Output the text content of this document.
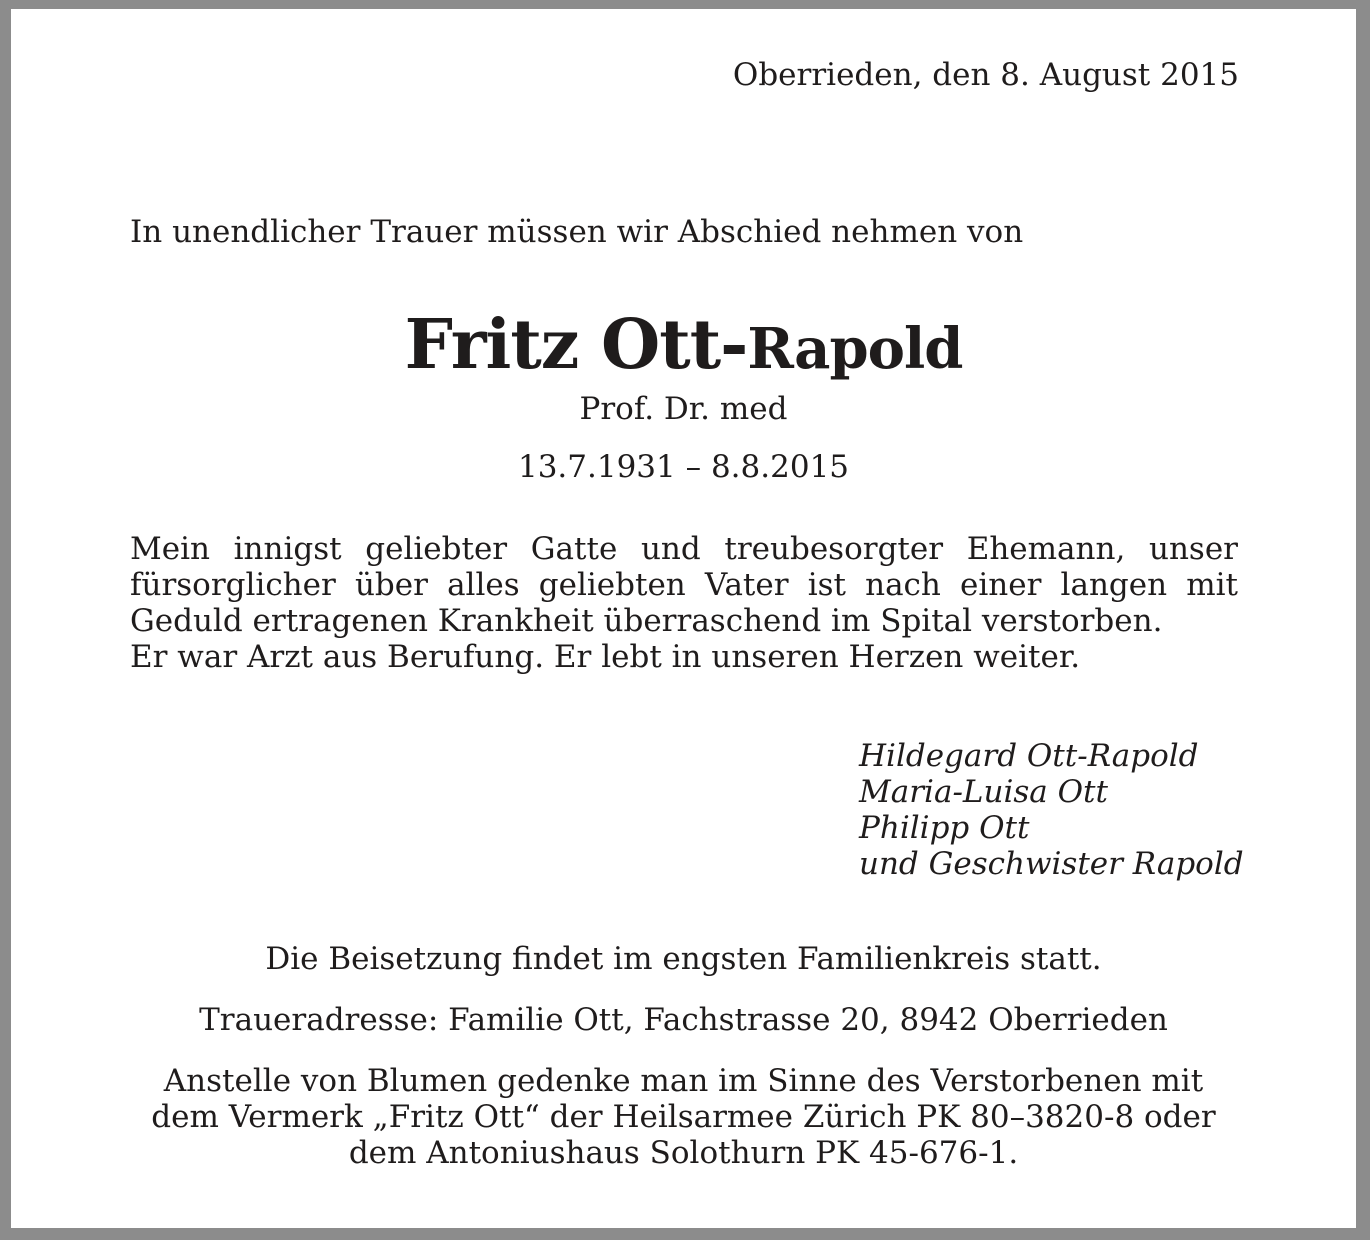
Oberrieden, den 8. August 2015

In unendlicher Trauer müssen wir Abschied nehmen von

Fritz Ott-Rapold

Prof. Dr. med

13.7.1931 – 8.8.2015

Mein innigst geliebter Gatte und treubesorgter Ehemann, unser
fürsorglicher über alles geliebten Vater ist nach einer langen mit
Geduld ertragenen Krankheit überraschend im Spital verstorben.
Er war Arzt aus Berufung. Er lebt in unseren Herzen weiter.
Hildegard Ott-Rapold
Maria-Luisa Ott
Philipp Ott
und Geschwister Rapold

Die Beisetzung findet im engsten Familienkreis statt.

Traueradresse: Familie Ott, Fachstrasse 20, 8942 Oberrieden

Anstelle von Blumen gedenke man im Sinne des Verstorbenen mit
dem Vermerk „Fritz Ott“ der Heilsarmee Zürich PK 80–3820-8 oder
dem Antoniushaus Solothurn PK 45-676-1.
